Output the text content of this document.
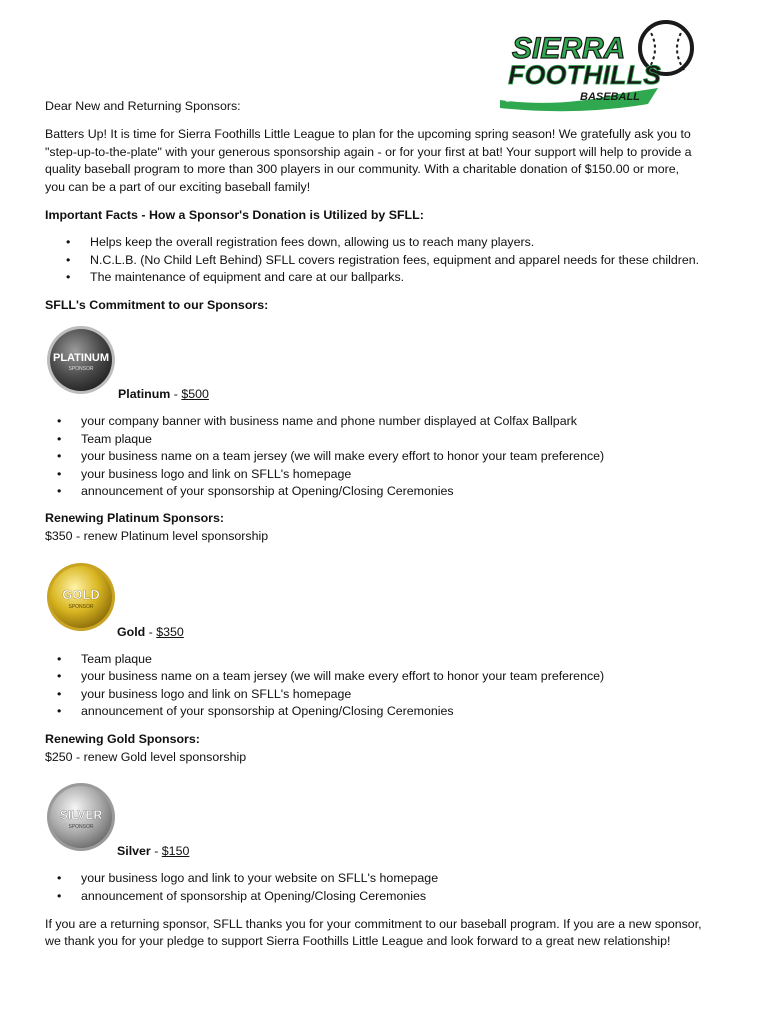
SIERRA
FOOTHILLS
LITTLE LEAGUE BASEBALL

Dear New and Returning Sponsors:

Batters Up! It is time for Sierra Foothills Little League to plan for the upcoming spring season! We gratefully ask you to

"step-up-to-the-plate" with your generous sponsorship again - or for your first at bat! Your support will help to provide a

quality baseball program to more than 300 players in our community. With a charitable donation of $150.00 or more,

you can be a part of our exciting baseball family!

Important Facts - How a Sponsor's Donation is Utilized by SFLL:

• Helps keep the overall registration fees down, allowing us to reach many players.
• N.C.L.B. (No Child Left Behind) SFLL covers registration fees, equipment and apparel needs for these children.
• The maintenance of equipment and care at our ballparks.

SFLL's Commitment to our Sponsors:

PLATINUM
SPONSOR

Platinum - $500

• your company banner with business name and phone number displayed at Colfax Ballpark
• Team plaque
• your business name on a team jersey (we will make every effort to honor your team preference)
• your business logo and link on SFLL's homepage
• announcement of your sponsorship at Opening/Closing Ceremonies

Renewing Platinum Sponsors:

$350 - renew Platinum level sponsorship

GOLD
SPONSOR

Gold - $350

• Team plaque
• your business name on a team jersey (we will make every effort to honor your team preference)
• your business logo and link on SFLL's homepage
• announcement of your sponsorship at Opening/Closing Ceremonies

Renewing Gold Sponsors:

$250 - renew Gold level sponsorship

SILVER
SPONSOR

Silver - $150

• your business logo and link to your website on SFLL's homepage
• announcement of sponsorship at Opening/Closing Ceremonies

If you are a returning sponsor, SFLL thanks you for your commitment to our baseball program. If you are a new sponsor,

we thank you for your pledge to support Sierra Foothills Little League and look forward to a great new relationship!
